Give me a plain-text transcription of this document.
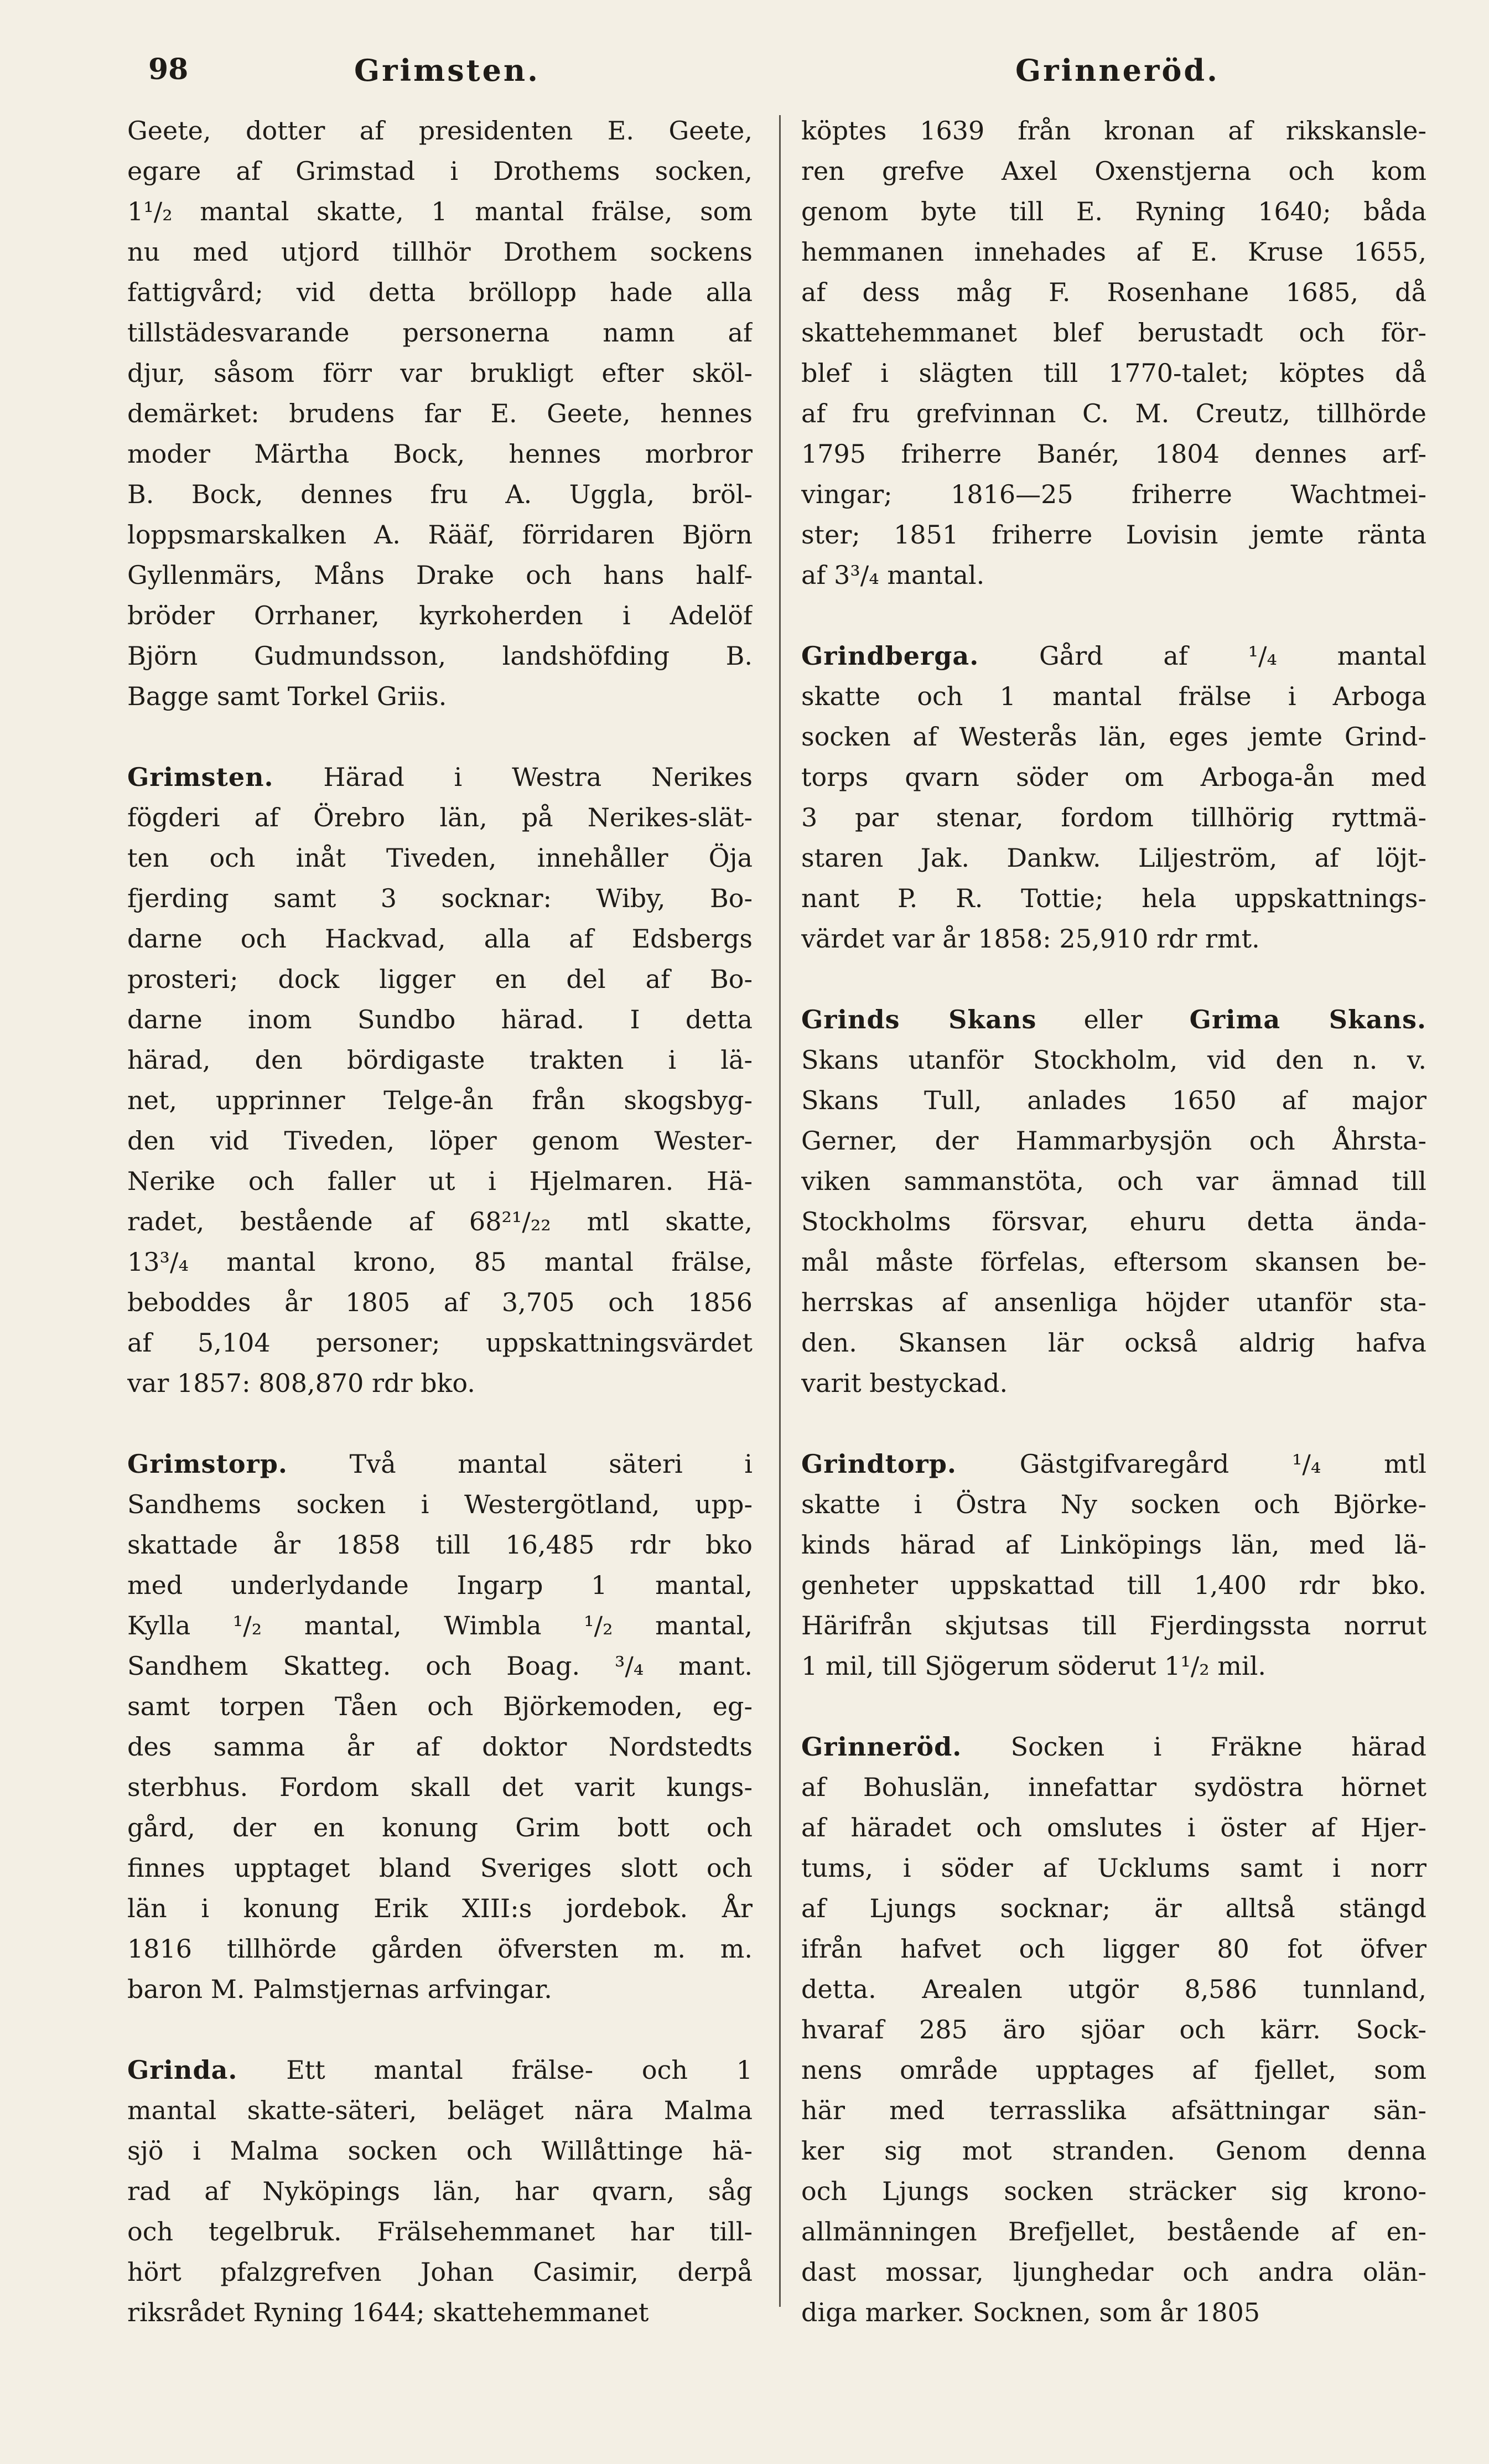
98	Grimsten.	Grinneröd.
Geete, dotter af presidenten E. Geete,
egare af Grimstad i Drothems socken,
1¹/₂ mantal skatte, 1 mantal frälse, som
nu med utjord tillhör Drothem sockens
fattigvård; vid detta bröllopp hade alla
tillstädesvarande personerna namn af
djur, såsom förr var brukligt efter sköl-
demärket: brudens far E. Geete, hennes
moder Märtha Bock, hennes morbror
B. Bock, dennes fru A. Uggla, bröl-
loppsmarskalken A. Rääf, förridaren Björn
Gyllenmärs, Måns Drake och hans half-
bröder Orrhaner, kyrkoherden i Adelöf
Björn Gudmundsson, landshöfding B.
Bagge samt Torkel Griis.
Grimsten. Härad i Westra Nerikes
fögderi af Örebro län, på Nerikes-slät-
ten och inåt Tiveden, innehåller Öja
fjerding samt 3 socknar: Wiby, Bo-
darne och Hackvad, alla af Edsbergs
prosteri; dock ligger en del af Bo-
darne inom Sundbo härad. I detta
härad, den bördigaste trakten i lä-
net, upprinner Telge-ån från skogsbyg-
den vid Tiveden, löper genom Wester-
Nerike och faller ut i Hjelmaren. Hä-
radet, bestående af 68²¹/₂₂ mtl skatte,
13³/₄ mantal krono, 85 mantal frälse,
beboddes år 1805 af 3,705 och 1856
af 5,104 personer; uppskattningsvärdet
var 1857: 808,870 rdr bko.
Grimstorp. Två mantal säteri i
Sandhems socken i Westergötland, upp-
skattade år 1858 till 16,485 rdr bko
med underlydande Ingarp 1 mantal,
Kylla ¹/₂ mantal, Wimbla ¹/₂ mantal,
Sandhem Skatteg. och Boag. ³/₄ mant.
samt torpen Tåen och Björkemoden, eg-
des samma år af doktor Nordstedts
sterbhus. Fordom skall det varit kungs-
gård, der en konung Grim bott och
finnes upptaget bland Sveriges slott och
län i konung Erik XIII:s jordebok. År
1816 tillhörde gården öfversten m. m.
baron M. Palmstjernas arfvingar.
Grinda. Ett mantal frälse- och 1
mantal skatte-säteri, beläget nära Malma
sjö i Malma socken och Willåttinge hä-
rad af Nyköpings län, har qvarn, såg
och tegelbruk. Frälsehemmanet har till-
hört pfalzgrefven Johan Casimir, derpå
riksrådet Ryning 1644; skattehemmanet
köptes 1639 från kronan af rikskansle-
ren grefve Axel Oxenstjerna och kom
genom byte till E. Ryning 1640; båda
hemmanen innehades af E. Kruse 1655,
af dess måg F. Rosenhane 1685, då
skattehemmanet blef berustadt och för-
blef i slägten till 1770-talet; köptes då
af fru grefvinnan C. M. Creutz, tillhörde
1795 friherre Banér, 1804 dennes arf-
vingar; 1816—25 friherre Wachtmei-
ster; 1851 friherre Lovisin jemte ränta
af 3³/₄ mantal.
Grindberga. Gård af ¹/₄ mantal
skatte och 1 mantal frälse i Arboga
socken af Westerås län, eges jemte Grind-
torps qvarn söder om Arboga-ån med
3 par stenar, fordom tillhörig ryttmä-
staren Jak. Dankw. Liljeström, af löjt-
nant P. R. Tottie; hela uppskattnings-
värdet var år 1858: 25,910 rdr rmt.
Grinds Skans eller Grima Skans.
Skans utanför Stockholm, vid den n. v.
Skans Tull, anlades 1650 af major
Gerner, der Hammarbysjön och Åhrsta-
viken sammanstöta, och var ämnad till
Stockholms försvar, ehuru detta ända-
mål måste förfelas, eftersom skansen be-
herrskas af ansenliga höjder utanför sta-
den. Skansen lär också aldrig hafva
varit bestyckad.
Grindtorp. Gästgifvaregård ¹/₄ mtl
skatte i Östra Ny socken och Björke-
kinds härad af Linköpings län, med lä-
genheter uppskattad till 1,400 rdr bko.
Härifrån skjutsas till Fjerdingssta norrut
1 mil, till Sjögerum söderut 1¹/₂ mil.
Grinneröd. Socken i Fräkne härad
af Bohuslän, innefattar sydöstra hörnet
af häradet och omslutes i öster af Hjer-
tums, i söder af Ucklums samt i norr
af Ljungs socknar; är alltså stängd
ifrån hafvet och ligger 80 fot öfver
detta. Arealen utgör 8,586 tunnland,
hvaraf 285 äro sjöar och kärr. Sock-
nens område upptages af fjellet, som
här med terrasslika afsättningar sän-
ker sig mot stranden. Genom denna
och Ljungs socken sträcker sig krono-
allmänningen Brefjellet, bestående af en-
dast mossar, ljunghedar och andra olän-
diga marker. Socknen, som år 1805
